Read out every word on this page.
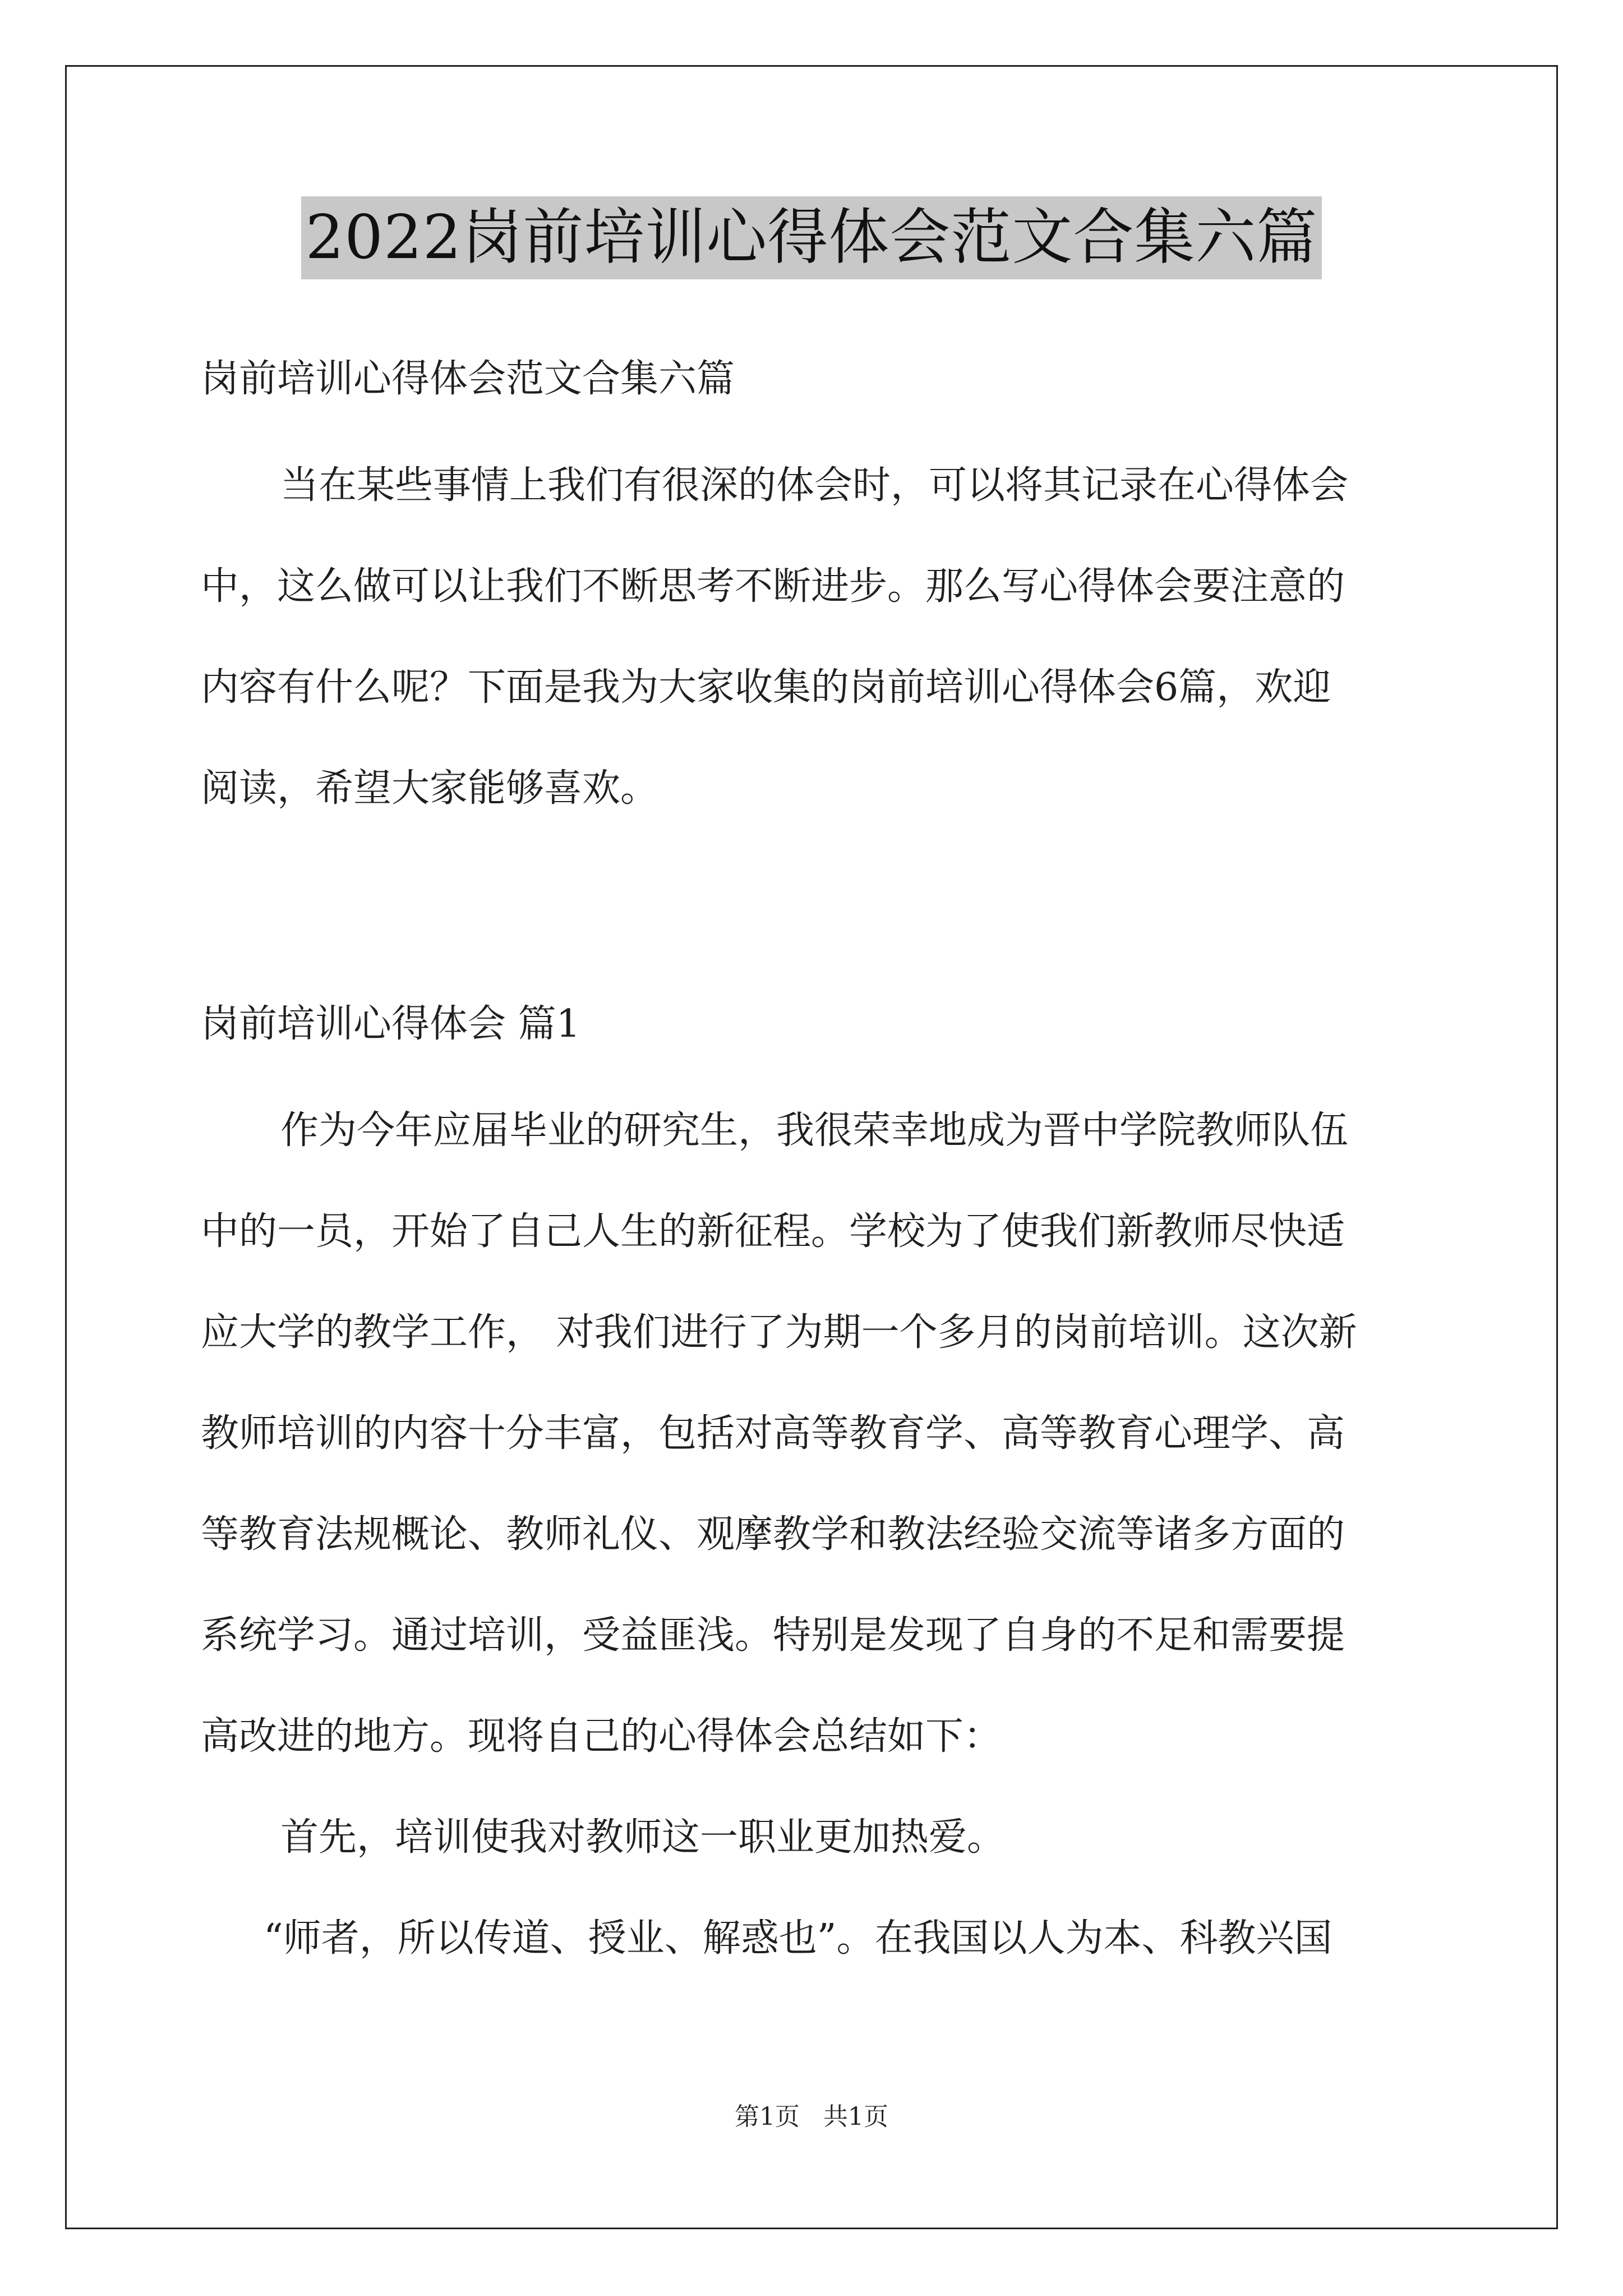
2022岗前培训心得体会范文合集六篇
岗前培训心得体会范文合集六篇
当在某些事情上我们有很深的体会时，可以将其记录在心得体会
中，这么做可以让我们不断思考不断进步。那么写心得体会要注意的
内容有什么呢？下面是我为大家收集的岗前培训心得体会6篇，欢迎
阅读，希望大家能够喜欢。
岗前培训心得体会 篇1
作为今年应届毕业的研究生，我很荣幸地成为晋中学院教师队伍
中的一员，开始了自己人生的新征程。学校为了使我们新教师尽快适
应大学的教学工作， 对我们进行了为期一个多月的岗前培训。这次新
教师培训的内容十分丰富，包括对高等教育学、高等教育心理学、高
等教育法规概论、教师礼仪、观摩教学和教法经验交流等诸多方面的
系统学习。通过培训，受益匪浅。特别是发现了自身的不足和需要提
高改进的地方。现将自己的心得体会总结如下：
首先，培训使我对教师这一职业更加热爱。
“师者，所以传道、授业、解惑也”。在我国以人为本、科教兴国
第1页 共1页
